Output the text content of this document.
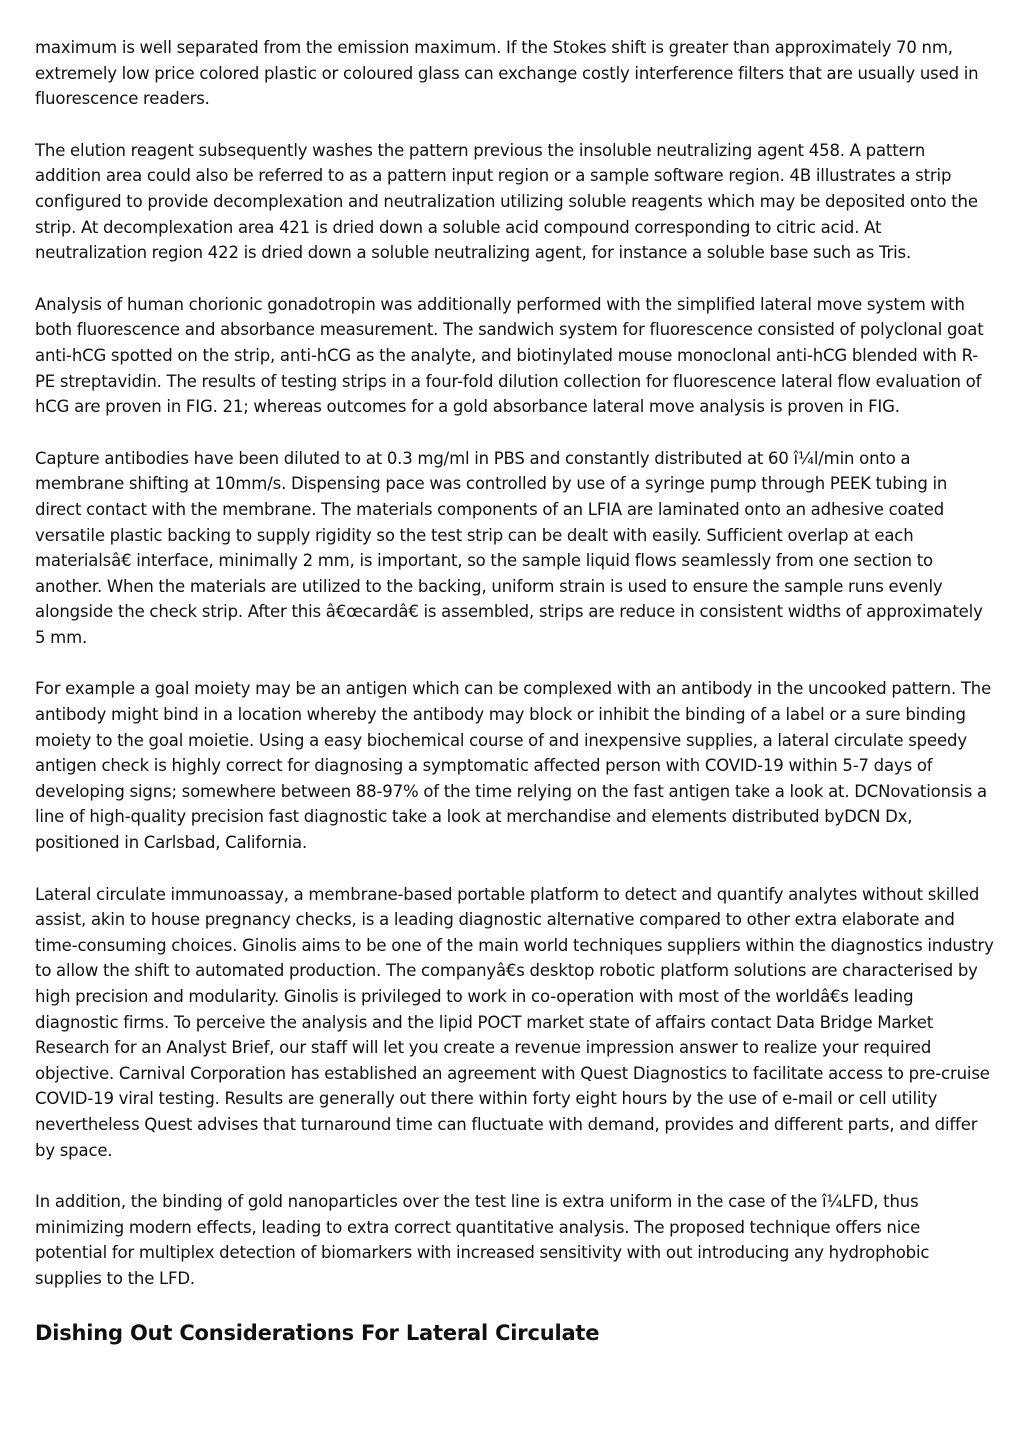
maximum is well separated from the emission maximum. If the Stokes shift is greater than approximately 70 nm, extremely low price colored plastic or coloured glass can exchange costly interference filters that are usually used in fluorescence readers.

The elution reagent subsequently washes the pattern previous the insoluble neutralizing agent 458. A pattern addition area could also be referred to as a pattern input region or a sample software region. 4B illustrates a strip configured to provide decomplexation and neutralization utilizing soluble reagents which may be deposited onto the strip. At decomplexation area 421 is dried down a soluble acid compound corresponding to citric acid. At neutralization region 422 is dried down a soluble neutralizing agent, for instance a soluble base such as Tris.

Analysis of human chorionic gonadotropin was additionally performed with the simplified lateral move system with both fluorescence and absorbance measurement. The sandwich system for fluorescence consisted of polyclonal goat anti-hCG spotted on the strip, anti-hCG as the analyte, and biotinylated mouse monoclonal anti-hCG blended with R-PE streptavidin. The results of testing strips in a four-fold dilution collection for fluorescence lateral flow evaluation of hCG are proven in FIG. 21; whereas outcomes for a gold absorbance lateral move analysis is proven in FIG.

Capture antibodies have been diluted to at 0.3 mg/ml in PBS and constantly distributed at 60 î¼l/min onto a membrane shifting at 10mm/s. Dispensing pace was controlled by use of a syringe pump through PEEK tubing in direct contact with the membrane. The materials components of an LFIA are laminated onto an adhesive coated versatile plastic backing to supply rigidity so the test strip can be dealt with easily. Sufficient overlap at each materialsâ€ interface, minimally 2 mm, is important, so the sample liquid flows seamlessly from one section to another. When the materials are utilized to the backing, uniform strain is used to ensure the sample runs evenly alongside the check strip. After this â€œcardâ€ is assembled, strips are reduce in consistent widths of approximately 5 mm.

For example a goal moiety may be an antigen which can be complexed with an antibody in the uncooked pattern. The antibody might bind in a location whereby the antibody may block or inhibit the binding of a label or a sure binding moiety to the goal moietie. Using a easy biochemical course of and inexpensive supplies, a lateral circulate speedy antigen check is highly correct for diagnosing a symptomatic affected person with COVID-19 within 5-7 days of developing signs; somewhere between 88-97% of the time relying on the fast antigen take a look at. DCNovationsis a line of high-quality precision fast diagnostic take a look at merchandise and elements distributed byDCN Dx, positioned in Carlsbad, California.

Lateral circulate immunoassay, a membrane-based portable platform to detect and quantify analytes without skilled assist, akin to house pregnancy checks, is a leading diagnostic alternative compared to other extra elaborate and time-consuming choices. Ginolis aims to be one of the main world techniques suppliers within the diagnostics industry to allow the shift to automated production. The companyâ€s desktop robotic platform solutions are characterised by high precision and modularity. Ginolis is privileged to work in co-operation with most of the worldâ€s leading diagnostic firms. To perceive the analysis and the lipid POCT market state of affairs contact Data Bridge Market Research for an Analyst Brief, our staff will let you create a revenue impression answer to realize your required objective. Carnival Corporation has established an agreement with Quest Diagnostics to facilitate access to pre-cruise COVID-19 viral testing. Results are generally out there within forty eight hours by the use of e-mail or cell utility nevertheless Quest advises that turnaround time can fluctuate with demand, provides and different parts, and differ by space.

In addition, the binding of gold nanoparticles over the test line is extra uniform in the case of the î¼LFD, thus minimizing modern effects, leading to extra correct quantitative analysis. The proposed technique offers nice potential for multiplex detection of biomarkers with increased sensitivity with out introducing any hydrophobic supplies to the LFD.

Dishing Out Considerations For Lateral Circulate
